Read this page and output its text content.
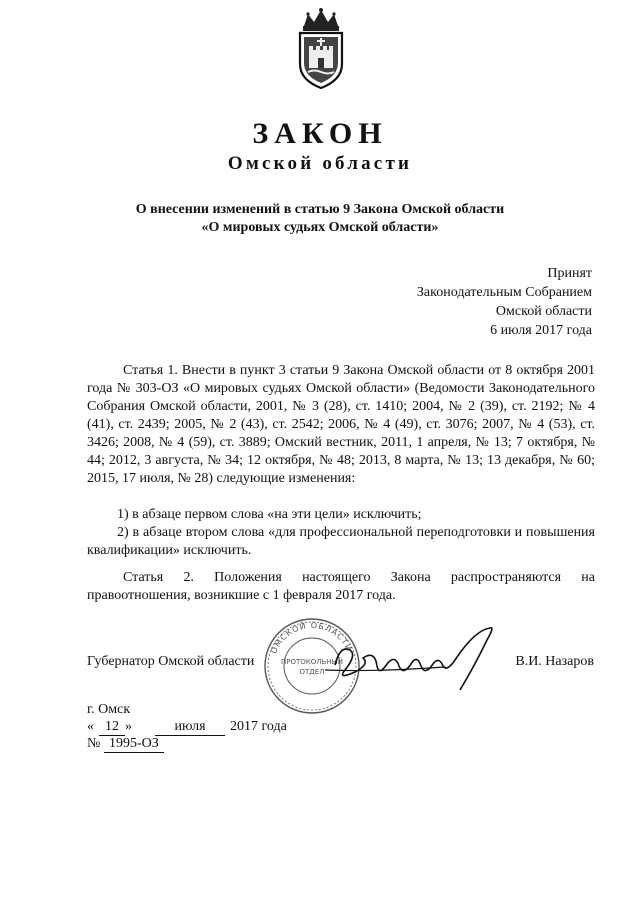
ЗАКОН
Омской области
О внесении изменений в статью 9 Закона Омской области
«О мировых судьях Омской области»
Принят
Законодательным Собранием
Омской области
6 июля 2017 года
Статья 1. Внести в пункт 3 статьи 9 Закона Омской области от 8 октября 2001 года № 303-ОЗ «О мировых судьях Омской области» (Ведомости Законодательного Собрания Омской области, 2001, № 3 (28), ст. 1410; 2004, № 2 (39), ст. 2192; № 4 (41), ст. 2439; 2005, № 2 (43), ст. 2542; 2006, № 4 (49), ст. 3076; 2007, № 4 (53), ст. 3426; 2008, № 4 (59), ст. 3889; Омский вестник, 2011, 1 апреля, № 13; 7 октября, № 44; 2012, 3 августа, № 34; 12 октября, № 48; 2013, 8 марта, № 13; 13 декабря, № 60; 2015, 17 июля, № 28) следующие изменения:
1) в абзаце первом слова «на эти цели» исключить;
2) в абзаце втором слова «для профессиональной переподготовки и повышения квалификации» исключить.
Статья 2. Положения настоящего Закона распространяются на правоотношения, возникшие с 1 февраля 2017 года.
ОМСКОЙ ОБЛАСТИ
ПРОТОКОЛЬНЫЙ
ОТДЕЛ
Губернатор Омской области	В.И. Назаров
г. Омск
« 12 »	июля	2017 года
№ 1995-ОЗ
